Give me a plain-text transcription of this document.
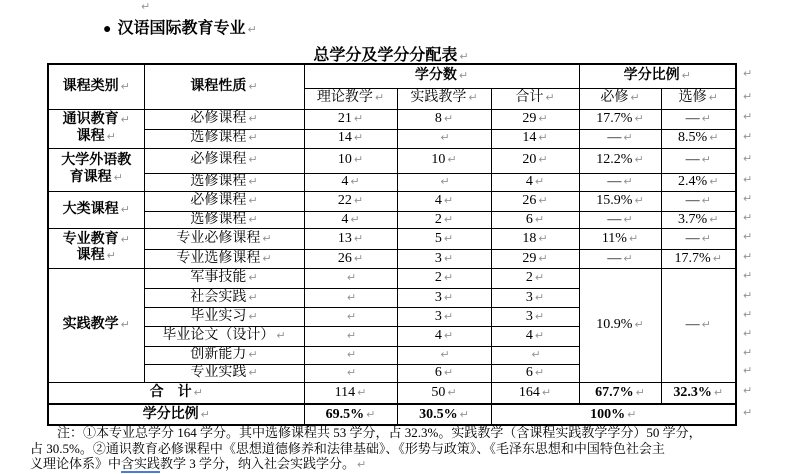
↵
● 汉语国际教育专业 ↵
总学分及学分分配表 ↵
课程类别 ↵	课程性质 ↵	学分数 ↵			学分比例 ↵	
		理论教学 ↵	实践教学 ↵	合计 ↵	必修 ↵	选修 ↵

通识教育 ↵
课程 ↵	必修课程 ↵	21 ↵	8 ↵	29 ↵	17.7% ↵	— ↵
	选修课程 ↵	14 ↵	↵	14 ↵	— ↵	8.5% ↵

大学外语教
育课程 ↵	必修课程 ↵	10 ↵	10 ↵	20 ↵	12.2% ↵	— ↵
	选修课程 ↵	4 ↵	↵	4 ↵	— ↵	2.4% ↵
大类课程 ↵	必修课程 ↵	22 ↵	4 ↵	26 ↵	15.9% ↵	— ↵
	选修课程 ↵	4 ↵	2 ↵	6 ↵	— ↵	3.7% ↵

专业教育 ↵
课程 ↵	专业必修课程 ↵	13 ↵	5 ↵	18 ↵	11% ↵	— ↵
	专业选修课程 ↵	26 ↵	3 ↵	29 ↵	— ↵	17.7% ↵
实践教学 ↵	军事技能 ↵	↵	2 ↵	2 ↵	10.9% ↵	— ↵
	社会实践 ↵	↵	3 ↵	3 ↵		
	毕业实习 ↵	↵	3 ↵	3 ↵		
	毕业论文（设计） ↵	↵	4 ↵	4 ↵		
	创新能力 ↵	↵	↵	↵		
	专业实践 ↵	↵	6 ↵	6 ↵		
合　计 ↵		114 ↵	50 ↵	164 ↵	67.7% ↵	32.3% ↵
学分比例 ↵		69.5% ↵	30.5% ↵	100% ↵		
↵
↵
↵
↵
↵
↵
↵
↵
↵
↵
↵
↵
↵
↵
↵
↵
↵
↵
注：①本专业总学分 164 学分。其中选修课程共 53 学分，占 32.3%。实践教学（含课程实践教学学分）50 学分，
占 30.5%。②通识教育必修课程中《思想道德修养和法律基础》、《形势与政策》、《毛泽东思想和中国特色社会主
义理论体系》中含实践教学 3 学分，纳入社会实践学分。 ↵
